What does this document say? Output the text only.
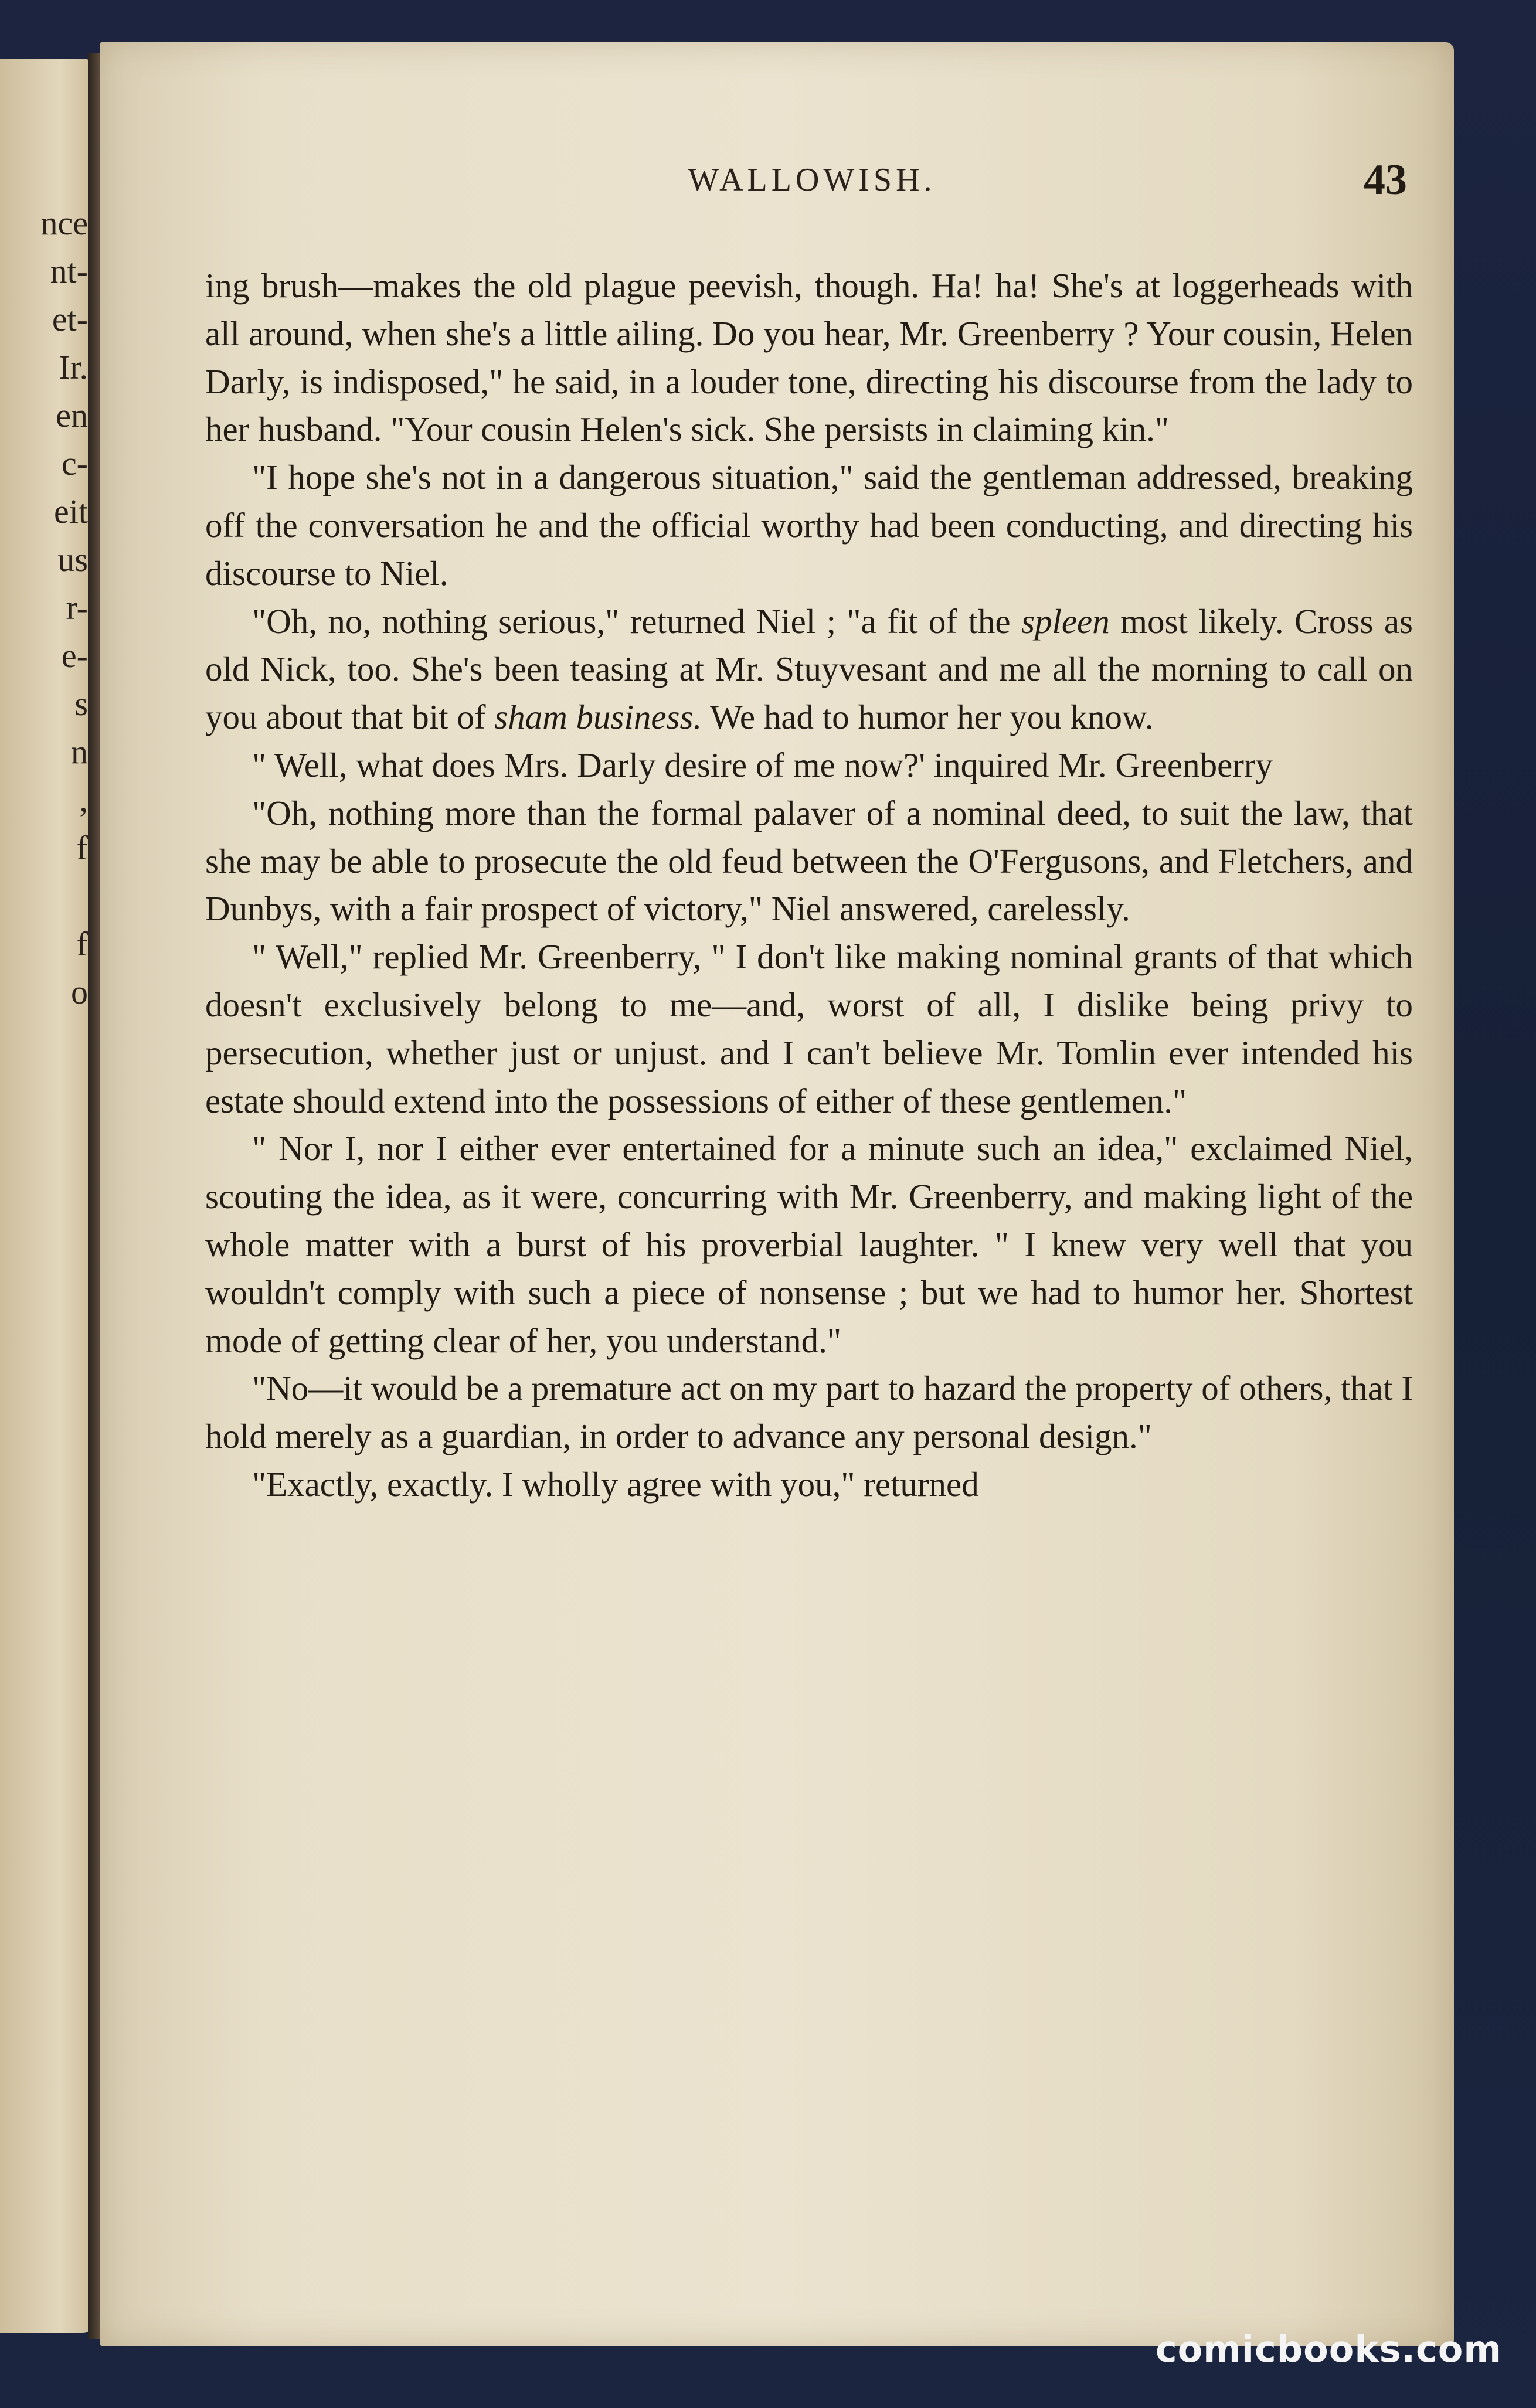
nce
nt-
et-
Ir.
en
c-
eit
us
r-
e-
s
n
,
f
f
o
WALLOWISH.	43

ing brush—makes the old plague peevish, though. Ha! ha! She's at loggerheads with all around, when she's a little ailing. Do you hear, Mr. Greenberry ? Your cousin, Helen Darly, is indisposed," he said, in a louder tone, directing his discourse from the lady to her husband. "Your cousin Helen's sick. She persists in claiming kin."

"I hope she's not in a dangerous situation," said the gentleman addressed, breaking off the conversation he and the official worthy had been conducting, and directing his discourse to Niel.

"Oh, no, nothing serious," returned Niel ; "a fit of the spleen most likely. Cross as old Nick, too. She's been teasing at Mr. Stuyvesant and me all the morning to call on you about that bit of sham business. We had to humor her you know.

" Well, what does Mrs. Darly desire of me now?' inquired Mr. Greenberry

"Oh, nothing more than the formal palaver of a nominal deed, to suit the law, that she may be able to prosecute the old feud between the O'Fergusons, and Fletchers, and Dunbys, with a fair prospect of victory," Niel answered, carelessly.

" Well," replied Mr. Greenberry, " I don't like making nominal grants of that which doesn't exclusively belong to me—and, worst of all, I dislike being privy to persecution, whether just or unjust. and I can't believe Mr. Tomlin ever intended his estate should extend into the possessions of either of these gentlemen."

" Nor I, nor I either ever entertained for a minute such an idea," exclaimed Niel, scouting the idea, as it were, concurring with Mr. Greenberry, and making light of the whole matter with a burst of his proverbial laughter. " I knew very well that you wouldn't comply with such a piece of nonsense ; but we had to humor her. Shortest mode of getting clear of her, you understand."

"No—it would be a premature act on my part to hazard the property of others, that I hold merely as a guardian, in order to advance any personal design."

"Exactly, exactly. I wholly agree with you," returned

comicbooks.com
